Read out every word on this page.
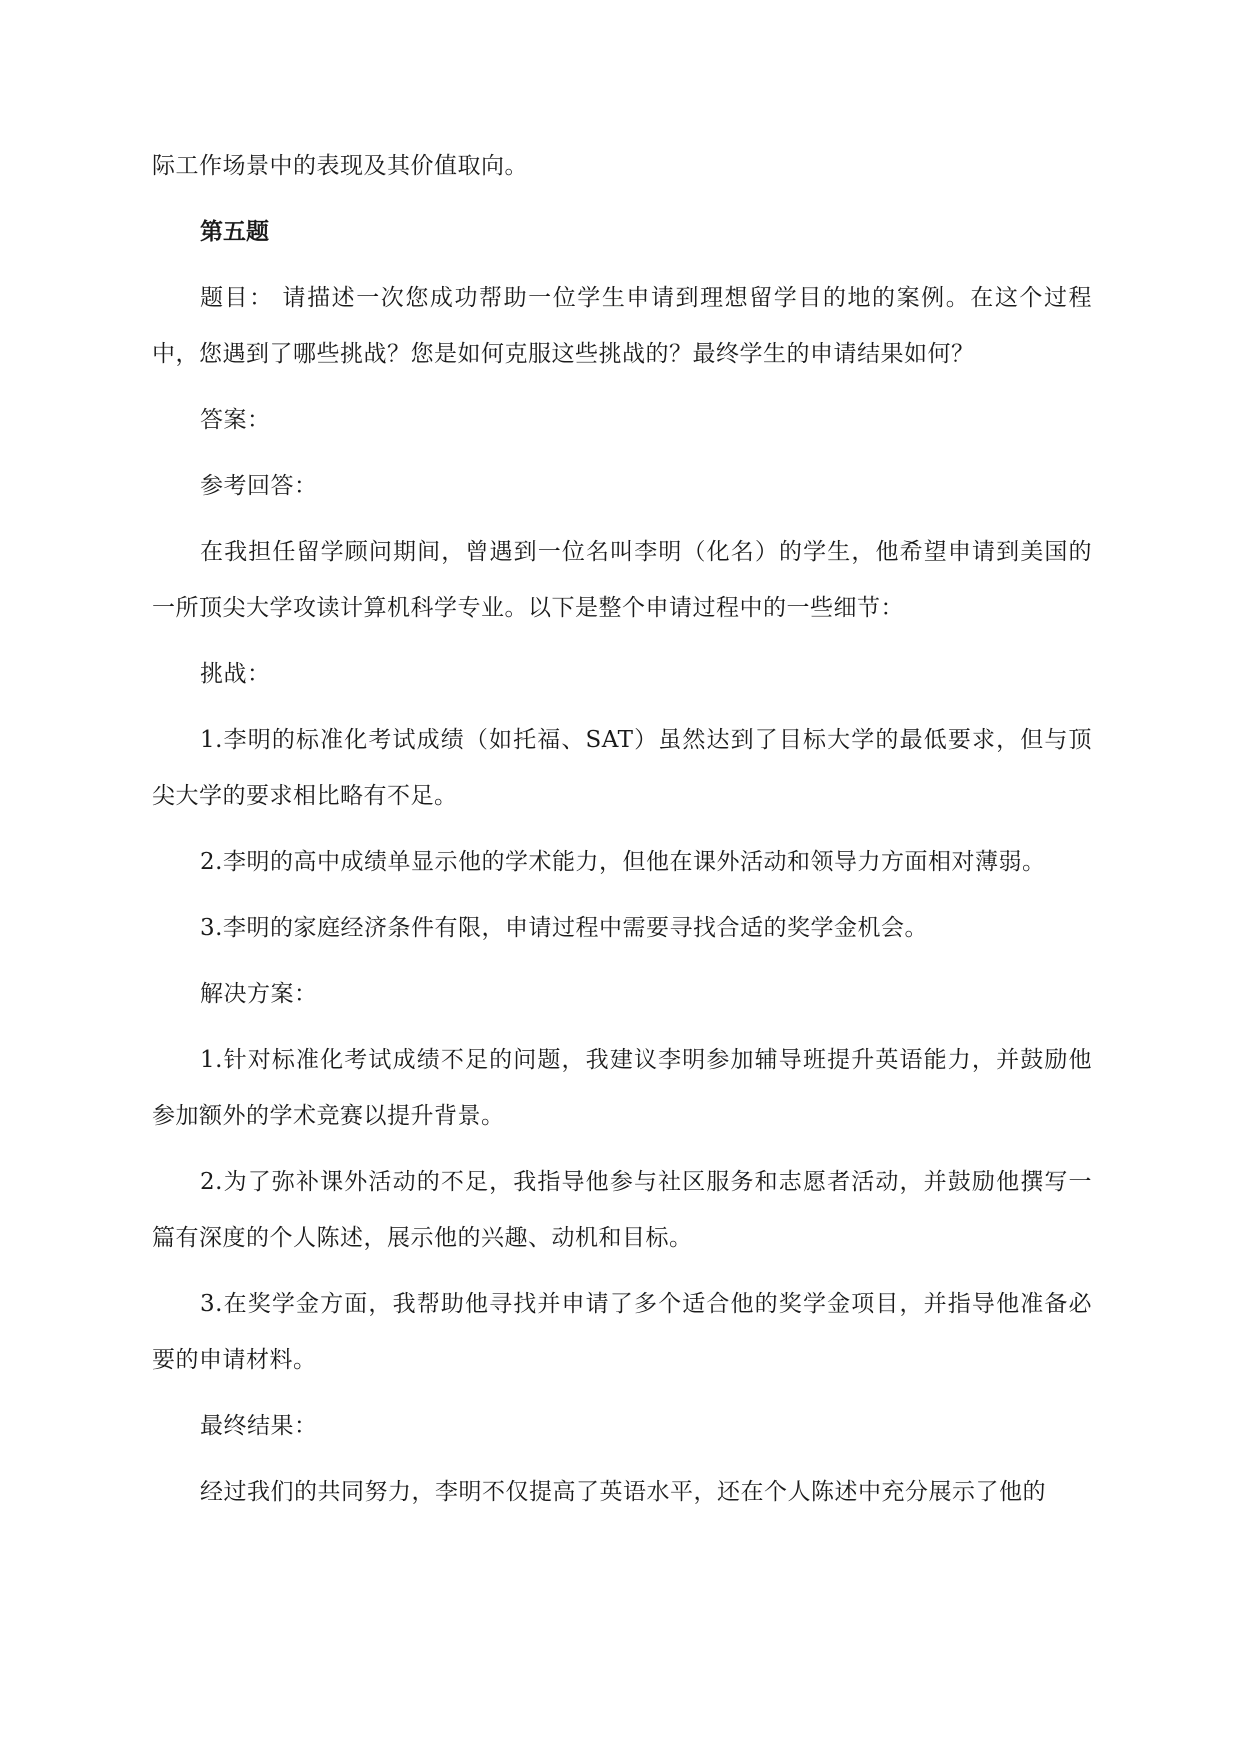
际工作场景中的表现及其价值取向。

第五题

题目： 请描述一次您成功帮助一位学生申请到理想留学目的地的案例。在这个过程中，您遇到了哪些挑战？您是如何克服这些挑战的？最终学生的申请结果如何？

答案：

参考回答：

在我担任留学顾问期间，曾遇到一位名叫李明（化名）的学生，他希望申请到美国的一所顶尖大学攻读计算机科学专业。以下是整个申请过程中的一些细节：

挑战：

1.李明的标准化考试成绩（如托福、SAT）虽然达到了目标大学的最低要求，但与顶尖大学的要求相比略有不足。

2.李明的高中成绩单显示他的学术能力，但他在课外活动和领导力方面相对薄弱。

3.李明的家庭经济条件有限，申请过程中需要寻找合适的奖学金机会。

解决方案：

1.针对标准化考试成绩不足的问题，我建议李明参加辅导班提升英语能力，并鼓励他参加额外的学术竞赛以提升背景。

2.为了弥补课外活动的不足，我指导他参与社区服务和志愿者活动，并鼓励他撰写一篇有深度的个人陈述，展示他的兴趣、动机和目标。

3.在奖学金方面，我帮助他寻找并申请了多个适合他的奖学金项目，并指导他准备必要的申请材料。

最终结果：

经过我们的共同努力，李明不仅提高了英语水平，还在个人陈述中充分展示了他的
